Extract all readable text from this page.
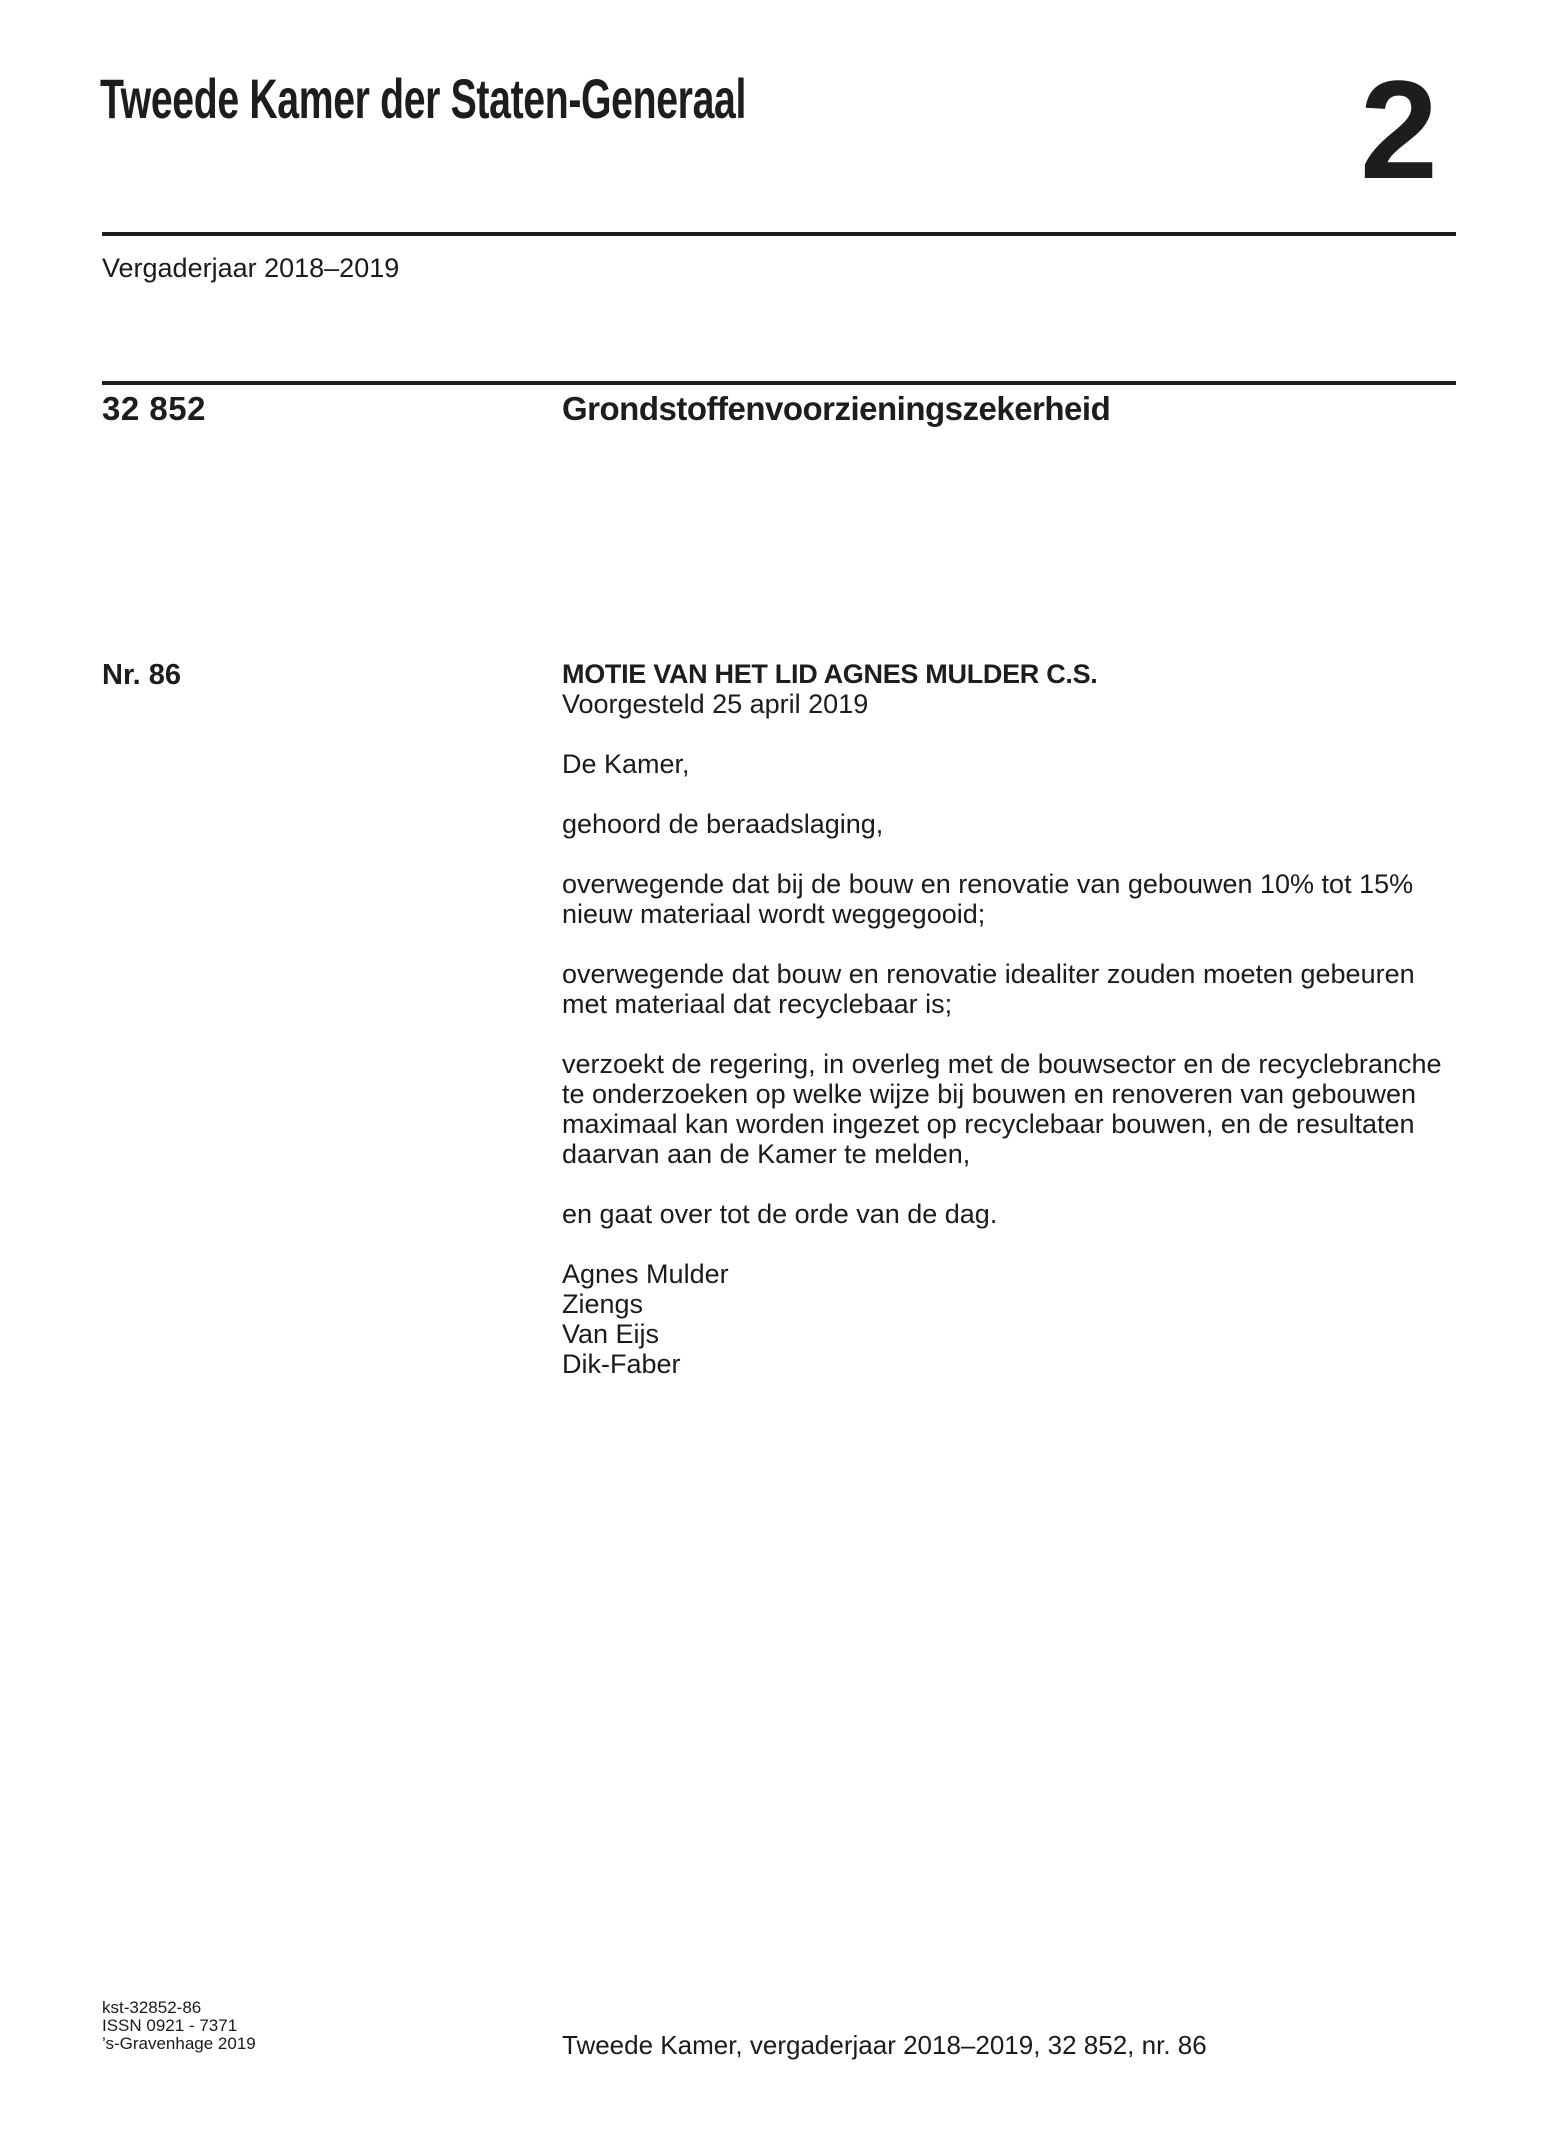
Tweede Kamer der Staten-Generaal	2
Vergaderjaar 2018–2019
32 852	Grondstoffenvoorzieningszekerheid
Nr. 86	MOTIE VAN HET LID AGNES MULDER C.S.
Voorgesteld 25 april 2019
De Kamer,
gehoord de beraadslaging,
overwegende dat bij de bouw en renovatie van gebouwen 10% tot 15%
nieuw materiaal wordt weggegooid;
overwegende dat bouw en renovatie idealiter zouden moeten gebeuren
met materiaal dat recyclebaar is;
verzoekt de regering, in overleg met de bouwsector en de recyclebranche
te onderzoeken op welke wijze bij bouwen en renoveren van gebouwen
maximaal kan worden ingezet op recyclebaar bouwen, en de resultaten
daarvan aan de Kamer te melden,
en gaat over tot de orde van de dag.
Agnes Mulder
Ziengs
Van Eijs
Dik-Faber
kst-32852-86
ISSN 0921 - 7371
’s-Gravenhage 2019	Tweede Kamer, vergaderjaar 2018–2019, 32 852, nr. 86
